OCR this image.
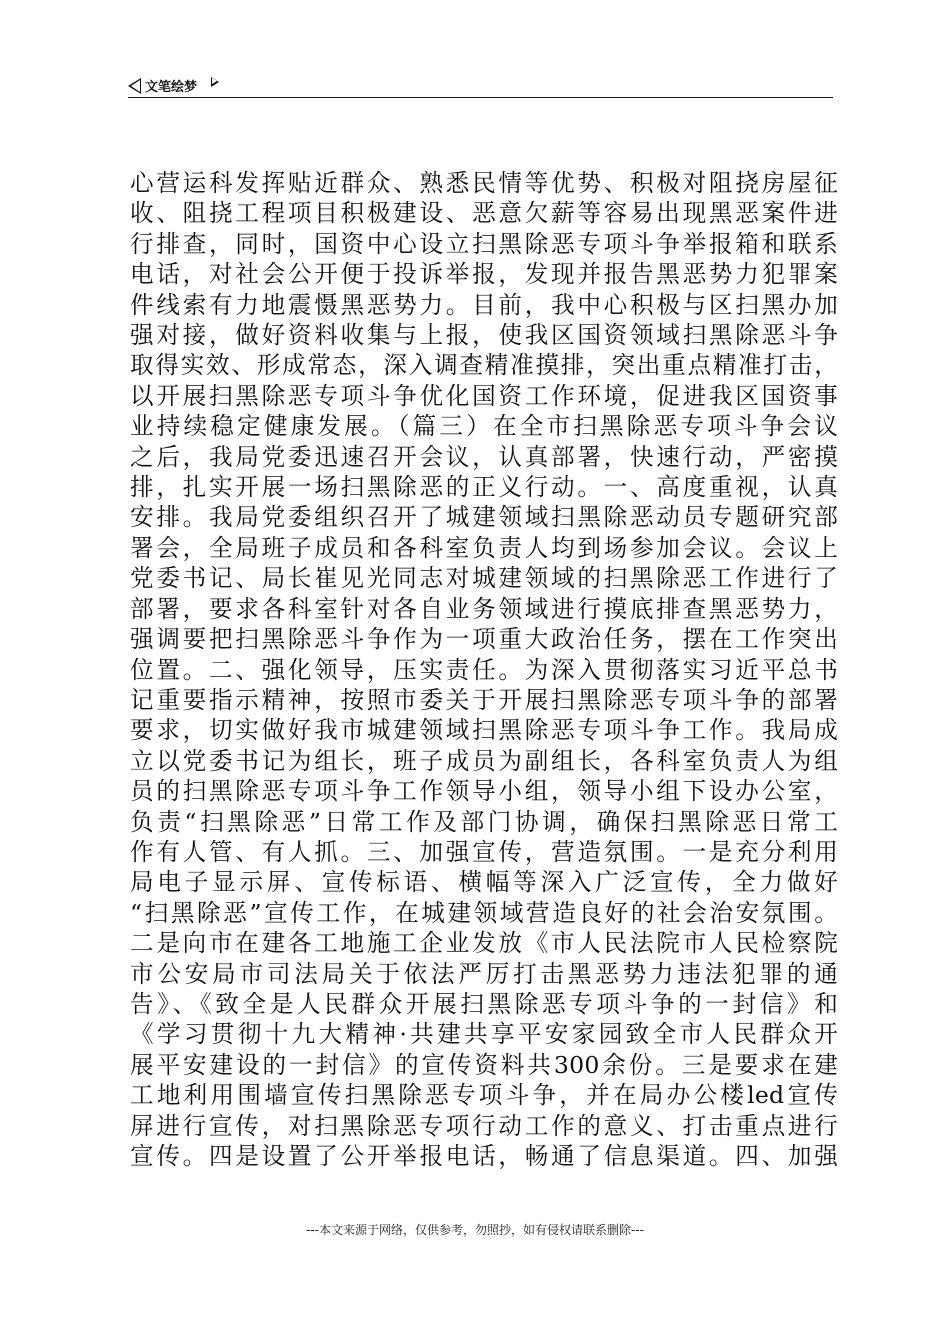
文笔绘梦

心营运科发挥贴近群众、熟悉民情等优势、积极对阻挠房屋征

收、阻挠工程项目积极建设、恶意欠薪等容易出现黑恶案件进

行排查，同时，国资中心设立扫黑除恶专项斗争举报箱和联系

电话，对社会公开便于投诉举报，发现并报告黑恶势力犯罪案

件线索有力地震慑黑恶势力。目前，我中心积极与区扫黑办加

强对接，做好资料收集与上报，使我区国资领域扫黑除恶斗争

取得实效、形成常态，深入调查精准摸排，突出重点精准打击，

以开展扫黑除恶专项斗争优化国资工作环境，促进我区国资事

业持续稳定健康发展。（篇三）在全市扫黑除恶专项斗争会议

之后，我局党委迅速召开会议，认真部署，快速行动，严密摸

排，扎实开展一场扫黑除恶的正义行动。一、高度重视，认真

安排。我局党委组织召开了城建领域扫黑除恶动员专题研究部

署会，全局班子成员和各科室负责人均到场参加会议。会议上

党委书记、局长崔见光同志对城建领域的扫黑除恶工作进行了

部署，要求各科室针对各自业务领域进行摸底排查黑恶势力，

强调要把扫黑除恶斗争作为一项重大政治任务，摆在工作突出

位置。二、强化领导，压实责任。为深入贯彻落实习近平总书

记重要指示精神，按照市委关于开展扫黑除恶专项斗争的部署

要求，切实做好我市城建领域扫黑除恶专项斗争工作。我局成

立以党委书记为组长，班子成员为副组长，各科室负责人为组

员的扫黑除恶专项斗争工作领导小组，领导小组下设办公室，

负责“扫黑除恶”日常工作及部门协调，确保扫黑除恶日常工

作有人管、有人抓。三、加强宣传，营造氛围。一是充分利用

局电子显示屏、宣传标语、横幅等深入广泛宣传，全力做好

“扫黑除恶”宣传工作，在城建领域营造良好的社会治安氛围。

二是向市在建各工地施工企业发放《市人民法院市人民检察院

市公安局市司法局关于依法严厉打击黑恶势力违法犯罪的通

告》、《致全是人民群众开展扫黑除恶专项斗争的一封信》和

《学习贯彻十九大精神·共建共享平安家园致全市人民群众开

展平安建设的一封信》的宣传资料共300余份。三是要求在建

工地利用围墙宣传扫黑除恶专项斗争，并在局办公楼led宣传

屏进行宣传，对扫黑除恶专项行动工作的意义、打击重点进行

宣传。四是设置了公开举报电话，畅通了信息渠道。四、加强

---本文来源于网络，仅供参考，勿照抄，如有侵权请联系删除---
